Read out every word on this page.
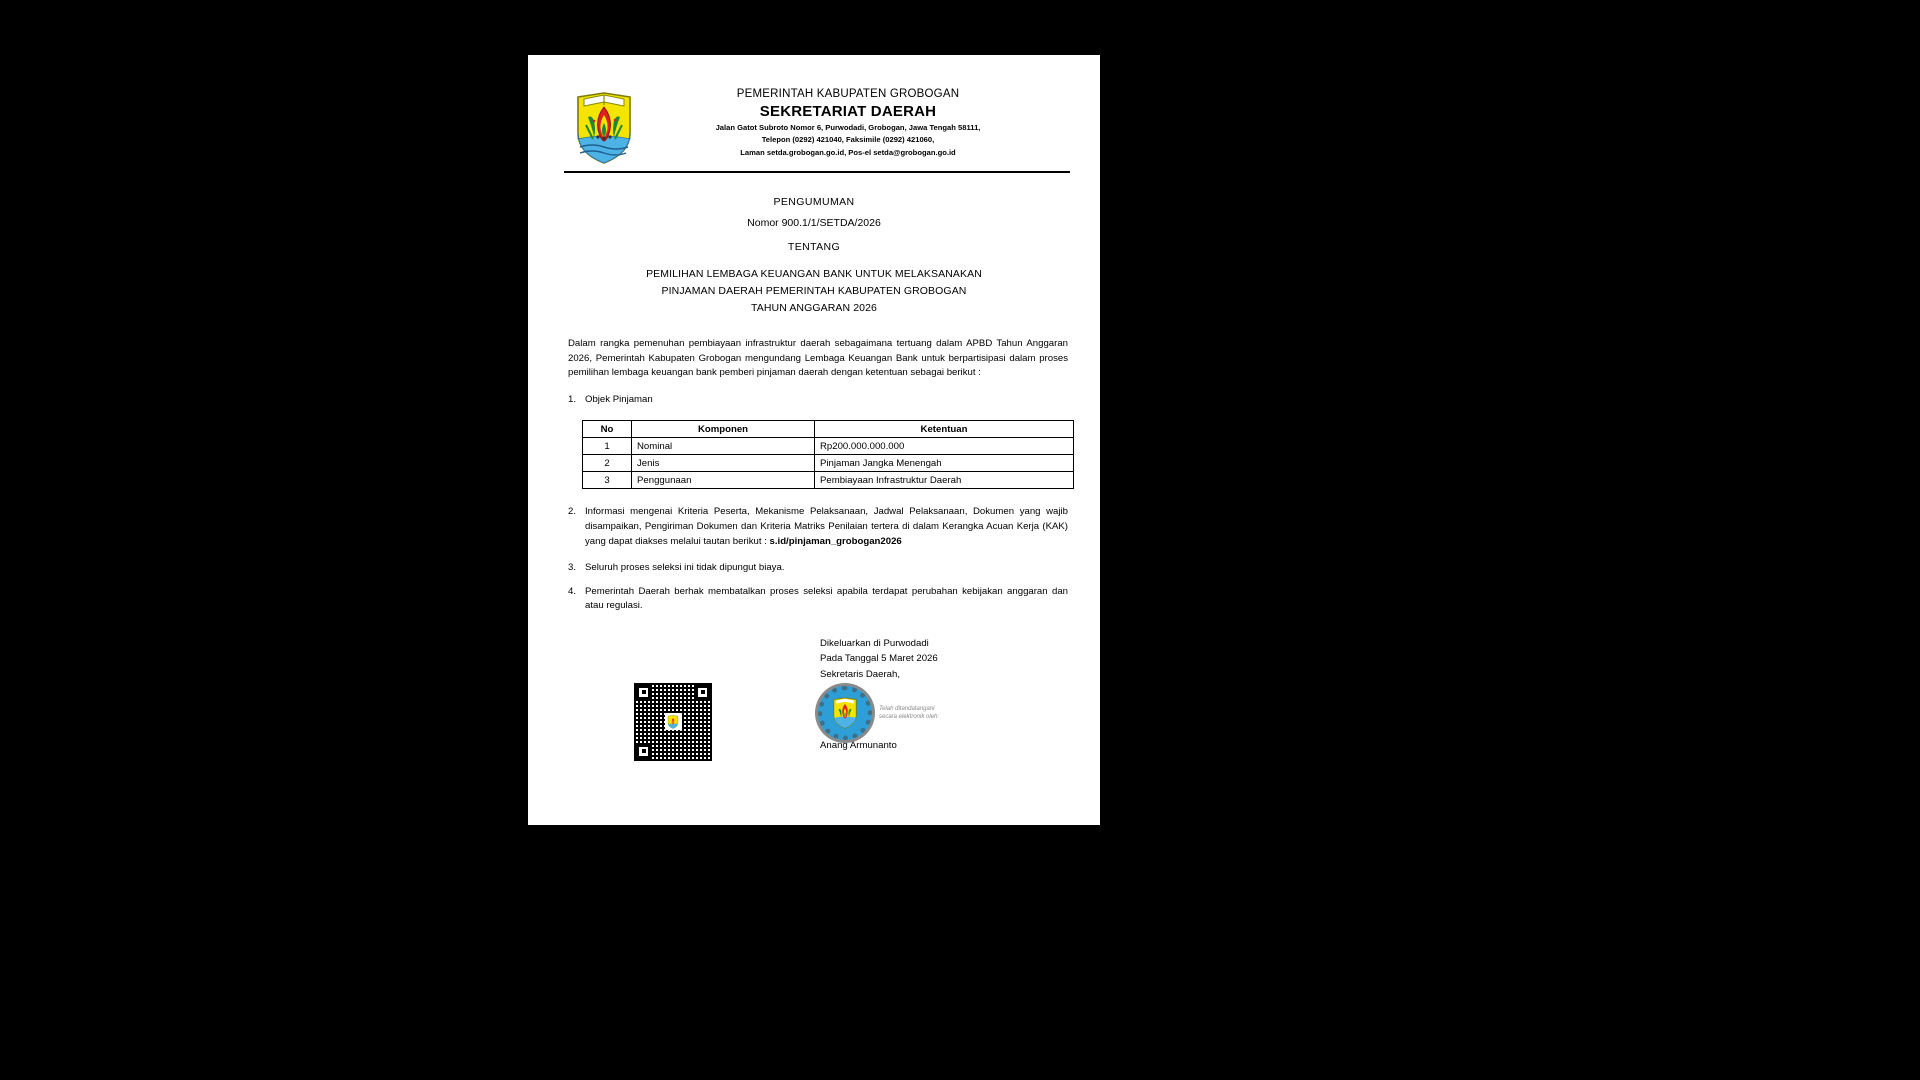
PEMERINTAH KABUPATEN GROBOGAN
SEKRETARIAT DAERAH
Jalan Gatot Subroto Nomor 6, Purwodadi, Grobogan, Jawa Tengah 58111,
Telepon (0292) 421040, Faksimile (0292) 421060,
Laman setda.grobogan.go.id, Pos-el setda@grobogan.go.id
PENGUMUMAN
Nomor 900.1/1/SETDA/2026
TENTANG
PEMILIHAN LEMBAGA KEUANGAN BANK UNTUK MELAKSANAKAN
PINJAMAN DAERAH PEMERINTAH KABUPATEN GROBOGAN
TAHUN ANGGARAN 2026
Dalam rangka pemenuhan pembiayaan infrastruktur daerah sebagaimana tertuang dalam APBD Tahun Anggaran 2026, Pemerintah Kabupaten Grobogan mengundang Lembaga Keuangan Bank untuk berpartisipasi dalam proses pemilihan lembaga keuangan bank pemberi pinjaman daerah dengan ketentuan sebagai berikut :
1. Objek Pinjaman
No	Komponen	Ketentuan
1	Nominal	Rp200.000.000.000
2	Jenis	Pinjaman Jangka Menengah
3	Penggunaan	Pembiayaan Infrastruktur Daerah
2. Informasi mengenai Kriteria Peserta, Mekanisme Pelaksanaan, Jadwal Pelaksanaan, Dokumen yang wajib disampaikan, Pengiriman Dokumen dan Kriteria Matriks Penilaian tertera di dalam Kerangka Acuan Kerja (KAK) yang dapat diakses melalui tautan berikut : s.id/pinjaman_grobogan2026
3. Seluruh proses seleksi ini tidak dipungut biaya.
4. Pemerintah Daerah berhak membatalkan proses seleksi apabila terdapat perubahan kebijakan anggaran dan atau regulasi.
Dikeluarkan di Purwodadi
Pada Tanggal 5 Maret 2026
Sekretaris Daerah,
Telah ditandatangani
secara elektronik oleh:
Anang Armunanto
